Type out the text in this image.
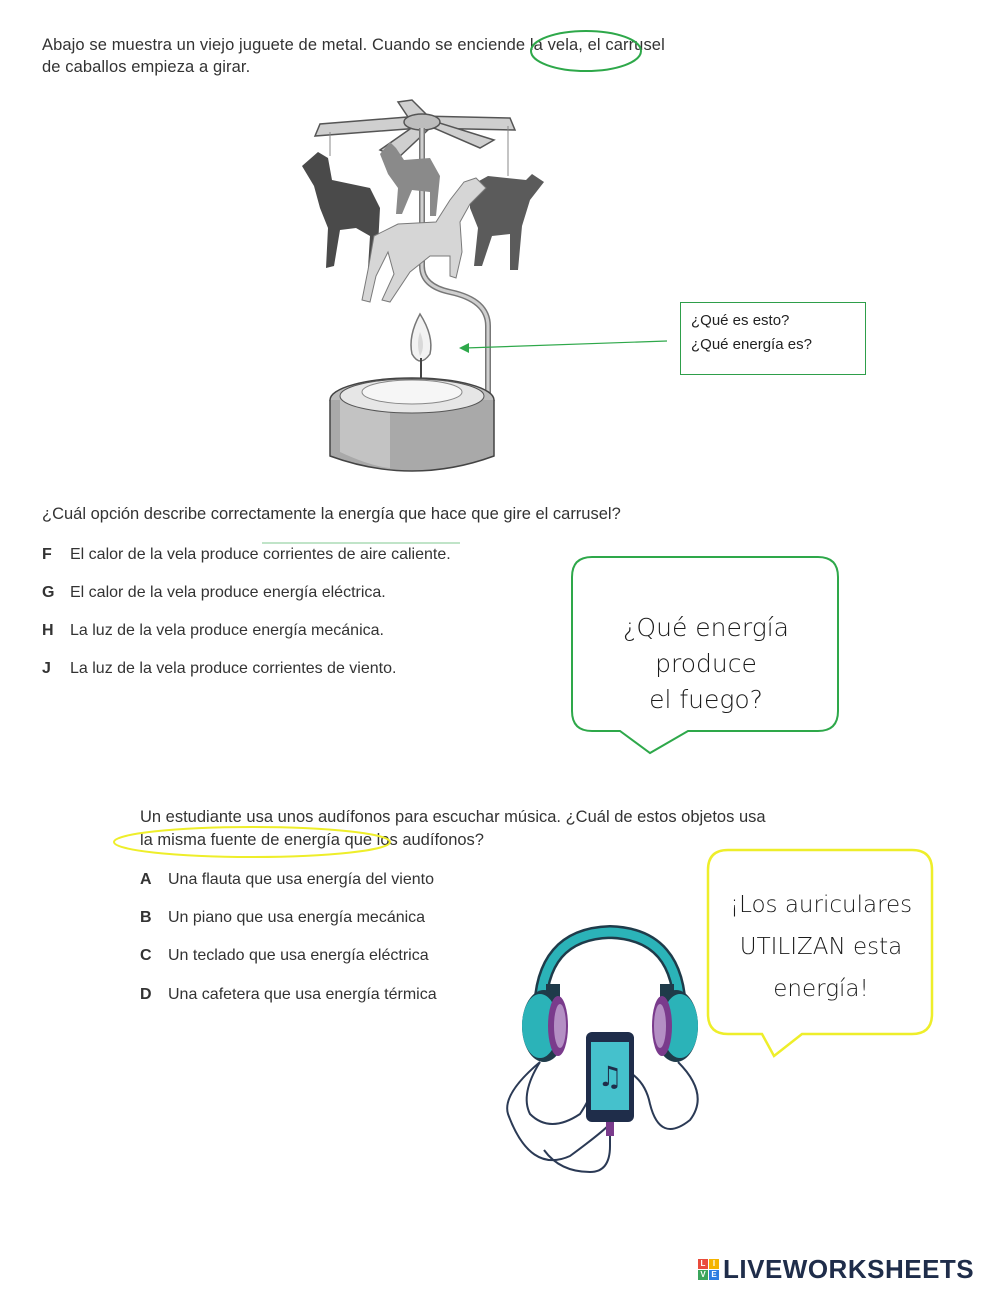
Abajo se muestra un viejo juguete de metal. Cuando se enciende la vela, el carrusel
de caballos empieza a girar.
¿Qué es esto?
¿Qué energía es?
¿Cuál opción describe correctamente la energía que hace que gire el carrusel?
F El calor de la vela produce corrientes de aire caliente.
G El calor de la vela produce energía eléctrica.
H La luz de la vela produce energía mecánica.
J La luz de la vela produce corrientes de viento.
¿Qué energía produce
el fuego?
Un estudiante usa unos audífonos para escuchar música. ¿Cuál de estos objetos usa
la misma fuente de energía que los audífonos?
A Una flauta que usa energía del viento
B Un piano que usa energía mecánica
C Un teclado que usa energía eléctrica
D Una cafetera que usa energía térmica
¡Los auriculares
UTILIZAN esta
energía!
♫
L I
V E LIVEWORKSHEETS
